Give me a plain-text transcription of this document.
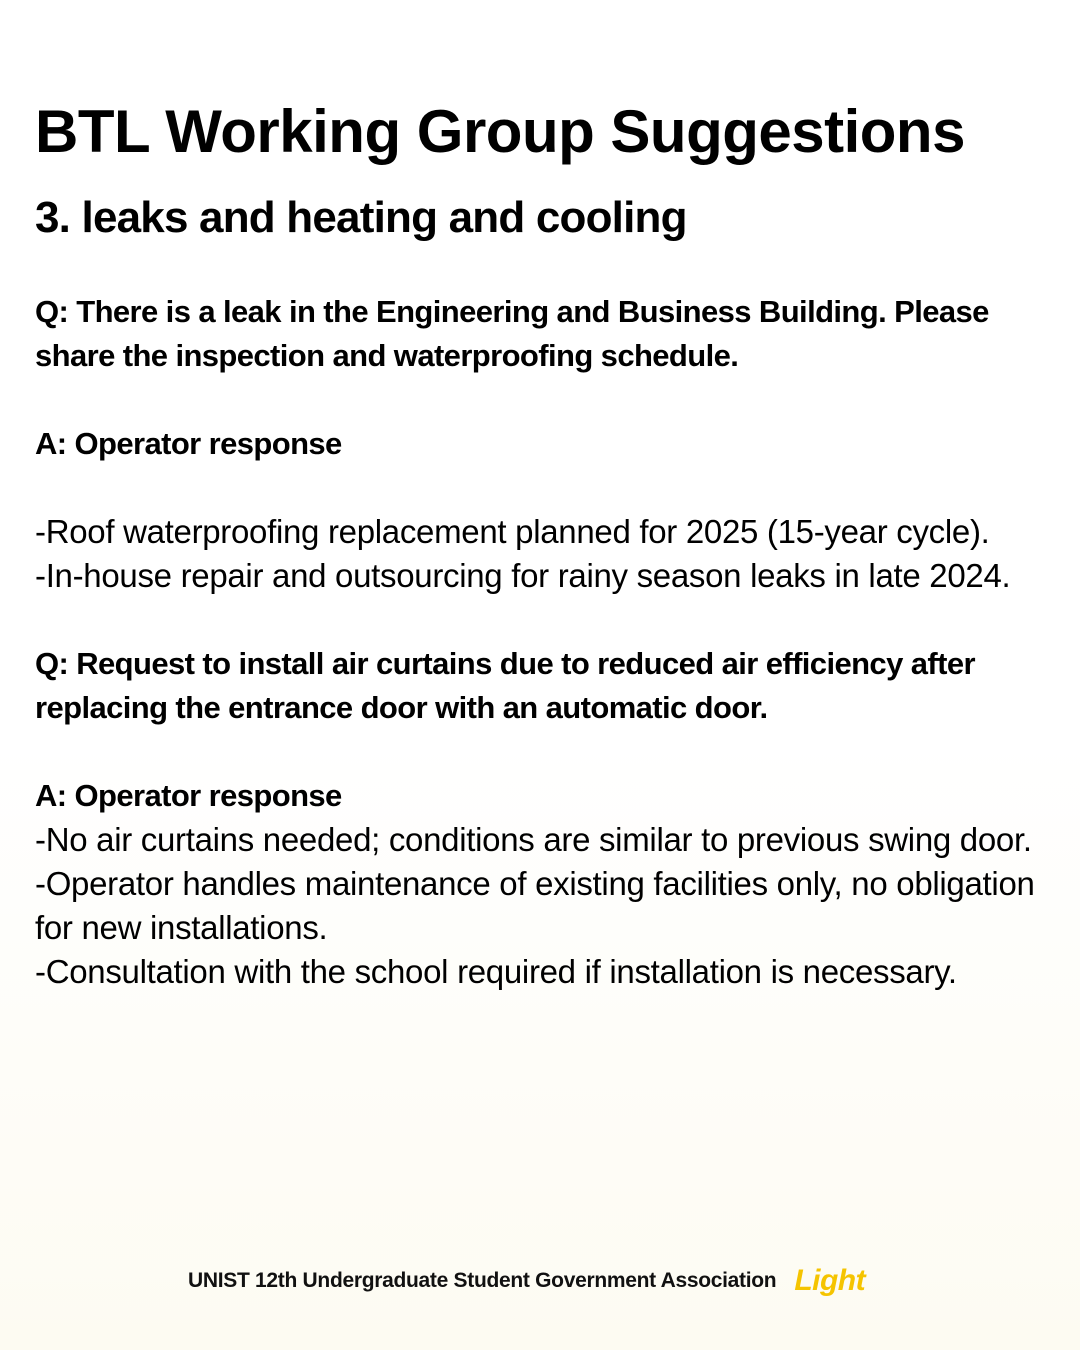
BTL Working Group Suggestions
3. leaks and heating and cooling

Q: There is a leak in the Engineering and Business Building. Please share the inspection and waterproofing schedule.

A: Operator response

-Roof waterproofing replacement planned for 2025 (15-year cycle).

-In-house repair and outsourcing for rainy season leaks in late 2024.

Q: Request to install air curtains due to reduced air efficiency after replacing the entrance door with an automatic door.

A: Operator response

-No air curtains needed; conditions are similar to previous swing door.

-Operator handles maintenance of existing facilities only, no obligation for new installations.

-Consultation with the school required if installation is necessary.

UNIST 12th Undergraduate Student Government Association Light
